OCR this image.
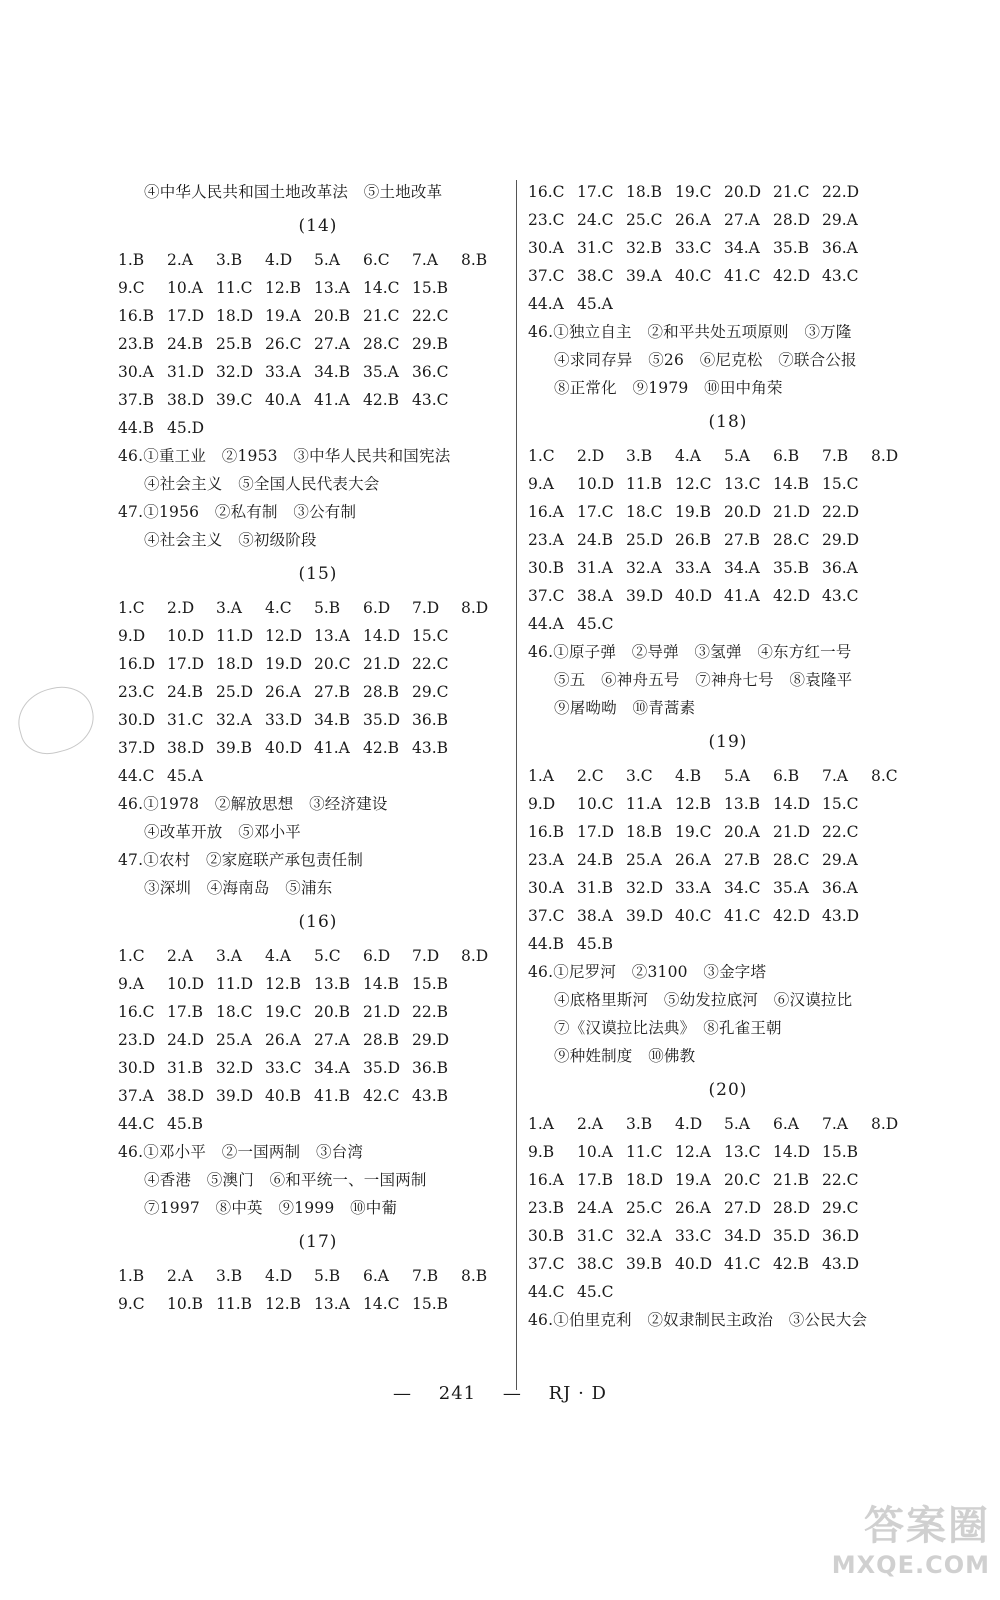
④中华人民共和国土地改革法　⑤土地改革
(14)
1.B	2.A	3.B	4.D	5.A	6.C	7.A	8.B
9.C	10.A 11.C 12.B 13.A 14.C 15.B
16.B 17.D 18.D 19.A 20.B 21.C 22.C
23.B 24.B 25.B 26.C 27.A 28.C 29.B
30.A 31.D 32.D 33.A 34.B 35.A 36.C
37.B 38.D 39.C 40.A 41.A 42.B 43.C
44.B 45.D
46.①重工业　②1953　③中华人民共和国宪法
④社会主义　⑤全国人民代表大会
47.①1956　②私有制　③公有制
④社会主义　⑤初级阶段
(15)
1.C	2.D	3.A	4.C	5.B	6.D	7.D	8.D
9.D	10.D 11.D 12.D 13.A 14.D 15.C
16.D 17.D 18.D 19.D 20.C 21.D 22.C
23.C 24.B 25.D 26.A 27.B 28.B 29.C
30.D 31.C 32.A 33.D 34.B 35.D 36.B
37.D 38.D 39.B 40.D 41.A 42.B 43.B
44.C 45.A
46.①1978　②解放思想　③经济建设
④改革开放　⑤邓小平
47.①农村　②家庭联产承包责任制
③深圳　④海南岛　⑤浦东
(16)
1.C	2.A	3.A	4.A	5.C	6.D	7.D	8.D
9.A	10.D 11.D 12.B 13.B 14.B 15.B
16.C 17.B 18.C 19.C 20.B 21.D 22.B
23.D 24.D 25.A 26.A 27.A 28.B 29.D
30.D 31.B 32.D 33.C 34.A 35.D 36.B
37.A 38.D 39.D 40.B 41.B 42.C 43.B
44.C 45.B
46.①邓小平　②一国两制　③台湾
④香港　⑤澳门　⑥和平统一、一国两制
⑦1997　⑧中英　⑨1999　⑩中葡
(17)
1.B	2.A	3.B	4.D	5.B	6.A	7.B	8.B
9.C	10.B 11.B 12.B 13.A 14.C 15.B
16.C 17.C 18.B 19.C 20.D 21.C 22.D
23.C 24.C 25.C 26.A 27.A 28.D 29.A
30.A 31.C 32.B 33.C 34.A 35.B 36.A
37.C 38.C 39.A 40.C 41.C 42.D 43.C
44.A 45.A
46.①独立自主　②和平共处五项原则　③万隆
④求同存异　⑤26　⑥尼克松　⑦联合公报
⑧正常化　⑨1979　⑩田中角荣
(18)
1.C	2.D	3.B	4.A	5.A	6.B	7.B	8.D
9.A	10.D 11.B 12.C 13.C 14.B 15.C
16.A 17.C 18.C 19.B 20.D 21.D 22.D
23.A 24.B 25.D 26.B 27.B 28.C 29.D
30.B 31.A 32.A 33.A 34.A 35.B 36.A
37.C 38.A 39.D 40.D 41.A 42.D 43.C
44.A 45.C
46.①原子弹　②导弹　③氢弹　④东方红一号
⑤五　⑥神舟五号　⑦神舟七号　⑧袁隆平
⑨屠呦呦　⑩青蒿素
(19)
1.A	2.C	3.C	4.B	5.A	6.B	7.A	8.C
9.D	10.C 11.A 12.B 13.B 14.D 15.C
16.B 17.D 18.B 19.C 20.A 21.D 22.C
23.A 24.B 25.A 26.A 27.B 28.C 29.A
30.A 31.B 32.D 33.A 34.C 35.A 36.A
37.C 38.A 39.D 40.C 41.C 42.D 43.D
44.B 45.B
46.①尼罗河　②3100　③金字塔
④底格里斯河　⑤幼发拉底河　⑥汉谟拉比
⑦《汉谟拉比法典》　⑧孔雀王朝
⑨种姓制度　⑩佛教
(20)
1.A	2.A	3.B	4.D	5.A	6.A	7.A	8.D
9.B	10.A 11.C 12.A 13.C 14.D 15.B
16.A 17.B 18.D 19.A 20.C 21.B 22.C
23.B 24.A 25.C 26.A 27.D 28.D 29.C
30.B 31.C 32.A 33.C 34.D 35.D 36.D
37.C 38.C 39.B 40.D 41.C 42.B 43.D
44.C 45.C
46.①伯里克利　②奴隶制民主政治　③公民大会
— 241 — RJ · D
答案圈
MXQE.COM
